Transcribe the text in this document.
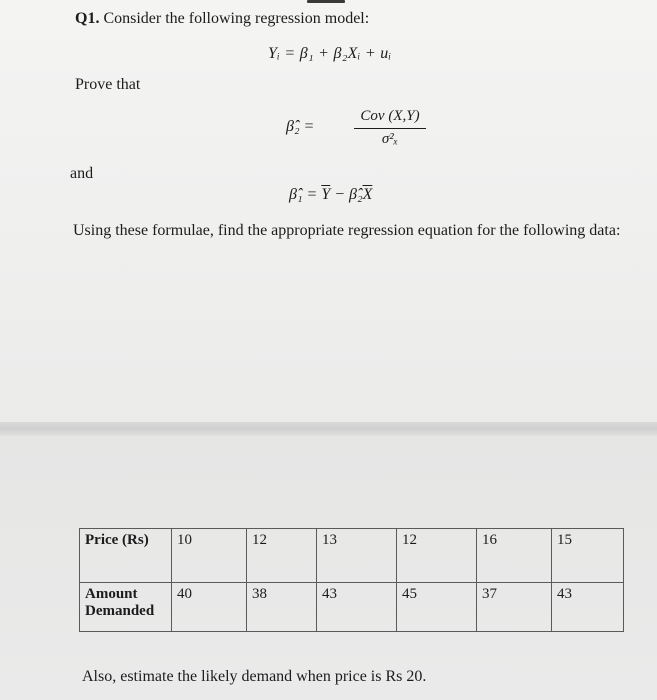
Q1. Consider the following regression model:
Yᵢ = β₁ + β₂Xᵢ + uᵢ
Prove that
β̂₂ =
Cov (X,Y)
σ²ₓ
and
β̂₁ = $\overline{Y}$ − $\betâ_2\overline{X}$
Using these formulae, find the appropriate regression equation for the following data:
Price (Rs)	10	12	13	12	16	15
Amount Demanded	40	38	43	45	37	43
Also, estimate the likely demand when price is Rs 20.
